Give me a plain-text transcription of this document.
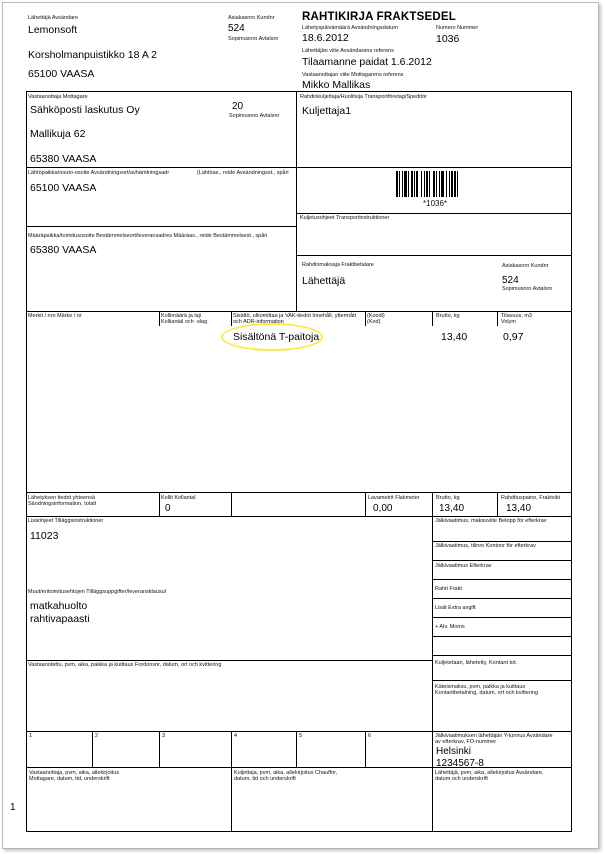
Lähettäjä Avsändare
Lemonsoft
Korsholmanpuistikko 18 A 2
65100 VAASA
Asiakasnro Kundnr
524
Sopimusnro Avtalsnr
RAHTIKIRJA FRAKTSEDEL
Lähetyspäivämäärä Avsändningsdatum
18.6.2012
Numero Nummer
1036
Lähettäjän viite Avsändarens referens
Tilaamanne paidat 1.6.2012
Vastaanottajan viite Mottagarens referens
Mikko Mallikas
Vastaanottaja Mottagare
Sähköposti laskutus Oy	20
Sopimusnro Avtalsnr
Mallikuja 62
65380 VAASA
Rahdinkuljettaja/Huolitsija Transportföretag/Speditör
Kuljettaja1
Lähtöpaikka/nouto-osoite Avsändningsort/avhämtningsadr	(Lähtöas., reide Avsändningsst., spåri
65100 VAASA
Määräpaikka/toimitusosoite Bestämmelseort/leveransadres Määräas., reide Bestämmelsest., spåri
65380 VAASA
*1036*
Kuljetusohjeet Transportinstruktioner
Rahdinmaksaja Fraktbetalare
Lähettäjä
Asiakasnro Kundnr
524
Sopimusnro Avtalsnr
Merkit / nro Märke / nr	Kollimäärä ja laji Kolliantal och -slag
Sisältö, ulkomittaa ja VAK-tiedot Innehåll, yttermått och ADR-information
(Koodi) (Kod)
Brutto, kg	Tilavuus, m3 Volym
Sisältönä T-paitoja	13,40	0,97
Lähetyksen tiedot yhteensä Sändningsinformation, totalt
Kollit Kollantal
0
Lavametrit Flakmeter
0,00
Brutto, kg
13,40
Rahdituspaino, Fraktvikt
13,40
Lisäohjeet Tilläggsinstruktioner
11023
Muut/eritoimitusehtojen Tilläggsuppgifter/leveransklausul
matkahuolto
rahtivapaasti
Vastaanotettu, pvm, aika, paikka ja kuittaus Fordonsnr, datum, ort och kvittering
Jälkivaatimus, maksuviite Belopp för efterkrav
Jälkivaatimus, tilinro Kontonr för efterkrav
Jälkivaatimus Efterkrav
Rahti Frakt
Lisät Extra avgift
+ Alv. Moms
Kuljetetaan, lähetetty, Kontant tot.
Käteismaksu, pvm, paikka ja kuittaus Kontantbetalning, datum, ort och kvittering
Jälkivaatimuksen lähettäjän Y-tunnus Avsändare av efterkrav, FO-nummer
Helsinki
1234567-8
1	2	3	4	5	6
Vastaanottaja, pvm, aika, allekirjoitus Mottagare, datum, tid, underskrift
Kuljettaja, pvm, aika, allekirjoitus Chauffor, datum, tid och underskrift
Lähettäjä, pvm, aika, allekirjoitus Avsändare, datum och underskrift
1
